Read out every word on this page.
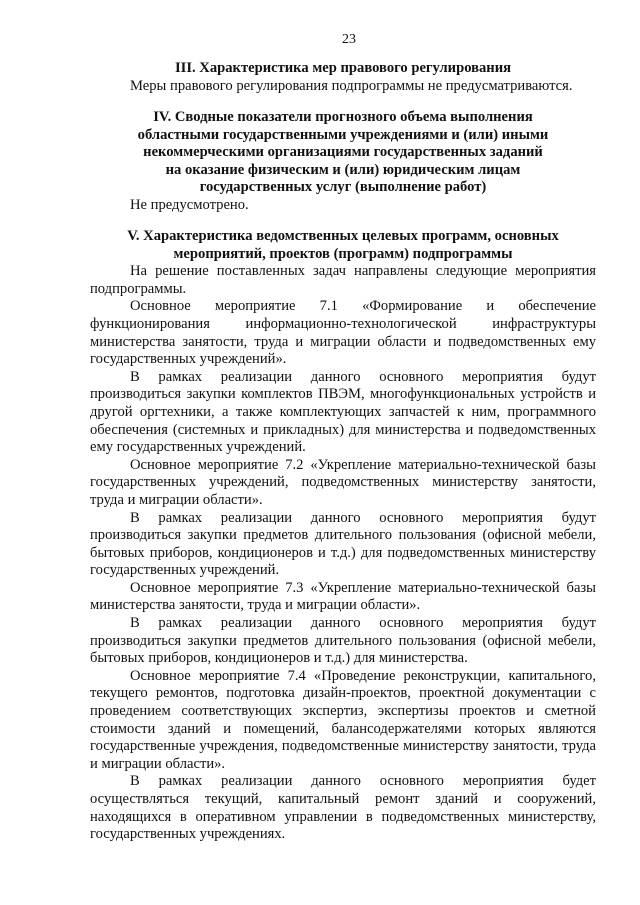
23
III. Характеристика мер правового регулирования
Меры правового регулирования подпрограммы не предусматриваются.
IV. Сводные показатели прогнозного объема выполнения
областными государственными учреждениями и (или) иными
некоммерческими организациями государственных заданий
на оказание физическим и (или) юридическим лицам
государственных услуг (выполнение работ)
Не предусмотрено.
V. Характеристика ведомственных целевых программ, основных
мероприятий, проектов (программ) подпрограммы

На решение поставленных задач направлены следующие мероприятия подпрограммы.

Основное мероприятие 7.1 «Формирование и обеспечение функционирования информационно-технологической инфраструктуры министерства занятости, труда и миграции области и подведомственных ему государственных учреждений».

В рамках реализации данного основного мероприятия будут производиться закупки комплектов ПВЭМ, многофункциональных устройств и другой оргтехники, а также комплектующих запчастей к ним, программного обеспечения (системных и прикладных) для министерства и подведомственных ему государственных учреждений.

Основное мероприятие 7.2 «Укрепление материально-технической базы государственных учреждений, подведомственных министерству занятости, труда и миграции области».

В рамках реализации данного основного мероприятия будут производиться закупки предметов длительного пользования (офисной мебели, бытовых приборов, кондиционеров и т.д.) для подведомственных министерству государственных учреждений.

Основное мероприятие 7.3 «Укрепление материально-технической базы министерства занятости, труда и миграции области».

В рамках реализации данного основного мероприятия будут производиться закупки предметов длительного пользования (офисной мебели, бытовых приборов, кондиционеров и т.д.) для министерства.

Основное мероприятие 7.4 «Проведение реконструкции, капитального, текущего ремонтов, подготовка дизайн-проектов, проектной документации с проведением соответствующих экспертиз, экспертизы проектов и сметной стоимости зданий и помещений, балансодержателями которых являются государственные учреждения, подведомственные министерству занятости, труда и миграции области».

В рамках реализации данного основного мероприятия будет осуществляться текущий, капитальный ремонт зданий и сооружений, находящихся в оперативном управлении в подведомственных министерству, государственных учреждениях.
